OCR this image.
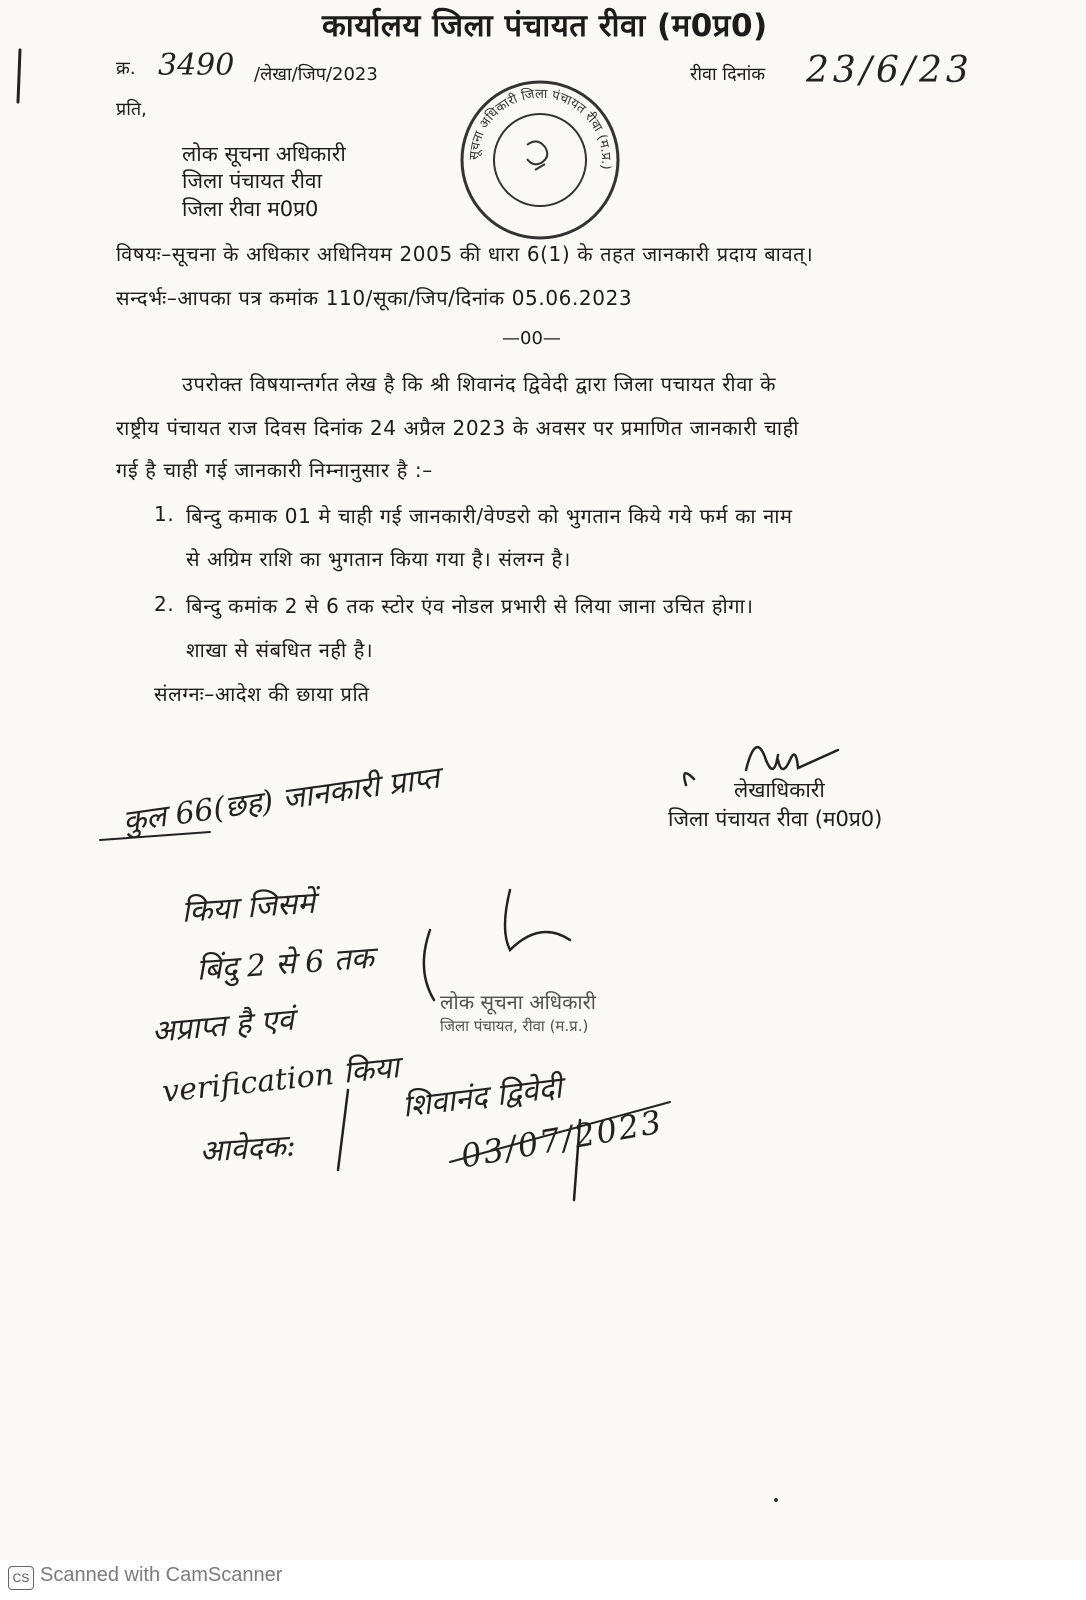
कार्यालय जिला पंचायत रीवा (म0प्र0)
क्र. 3490 /लेखा/जिप/2023	रीवा दिनांक 23/6/23
प्रति,
लोक सूचना अधिकारी
जिला पंचायत रीवा
जिला रीवा म0प्र0
सूचना अधिकारी जिला पंचायत रीवा (म.प्र.)
विषयः–सूचना के अधिकार अधिनियम 2005 की धारा 6(1) के तहत जानकारी प्रदाय बावत्।
सन्दर्भः–आपका पत्र कमांक 110/सूका/जिप/दिनांक 05.06.2023
—00—
उपरोक्त विषयान्तर्गत लेख है कि श्री शिवानंद द्विवेदी द्वारा जिला पचायत रीवा के
राष्ट्रीय पंचायत राज दिवस दिनांक 24 अप्रैल 2023 के अवसर पर प्रमाणित जानकारी चाही
गई है चाही गई जानकारी निम्नानुसार है :–
1. बिन्दु कमाक 01 मे चाही गई जानकारी/वेण्डरो को भुगतान किये गये फर्म का नाम
से अग्रिम राशि का भुगतान किया गया है। संलग्न है।
2. बिन्दु कमांक 2 से 6 तक स्टोर एंव नोडल प्रभारी से लिया जाना उचित होगा।
शाखा से संबधित नही है।
संलग्नः–आदेश की छाया प्रति
लेखाधिकारी
जिला पंचायत रीवा (म0प्र0)
कुल 66(छह) जानकारी प्राप्त
किया जिसमें
बिंदु 2 से 6 तक
अप्राप्त है एवं
verification किया
आवेदक:
शिवानंद द्विवेदी
03/07/2023
लोक सूचना अधिकारी
जिला पंचायत, रीवा (म.प्र.)
CS Scanned with CamScanner
